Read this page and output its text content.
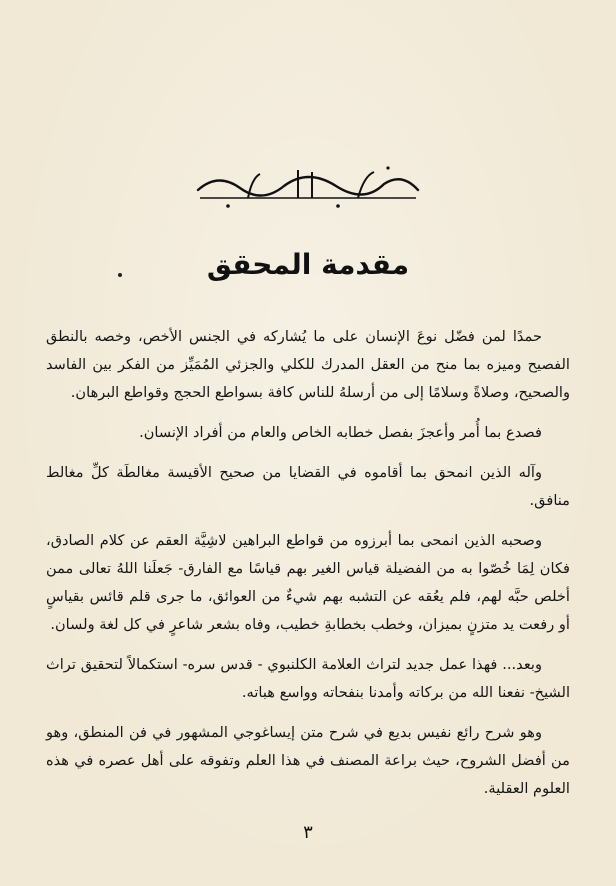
مقدمة المحقق

حمدًا لمن فضّل نوعَ الإنسان على ما يُشاركه في الجنس الأخص، وخصه بالنطق الفصيح وميزه بما منح من العقل المدرك للكلي والجزئي المُمَيِّز من الفكر بين الفاسد والصحيح، وصلاةً وسلامًا إلى من أرسلهُ للناس كافة بسواطع الحجج وقواطع البرهان.

فصدع بما أُمر وأعجزَ بفصل خطابه الخاص والعام من أفراد الإنسان.

وآله الذين انمحق بما أقاموه في القضايا من صحيح الأقيسة مغالطَة كلِّ مغالط منافق.

وصحبه الذين انمحى بما أبرزوه من قواطع البراهين لاشِيَّة العقم عن كلام الصادق، فكان لِمَا خُصّوا به من الفضيلة قياس الغير بهم قياسًا مع الفارق- جَعلَنا اللهُ تعالى ممن أخلص حبَّه لهم، فلم يعُقه عن التشبه بهم شيءٌ من العوائق، ما جرى قلم قائس بقياسٍ أو رفعت يد متزنٍ بميزان، وخطب بخطابةِ خطيب، وفاه بشعر شاعرٍ في كل لغة ولسان.

وبعد... فهذا عمل جديد لتراث العلامة الكلنبوي - قدس سره- استكمالاً لتحقيق تراث الشيخ- نفعنا الله من بركاته وأمدنا بنفحاته وواسع هباته.

وهو شرح رائع نفيس بديع في شرح متن إيساغوجي المشهور في فن المنطق، وهو من أفضل الشروح، حيث براعة المصنف في هذا العلم وتفوقه على أهل عصره في هذه العلوم العقلية.

٣
